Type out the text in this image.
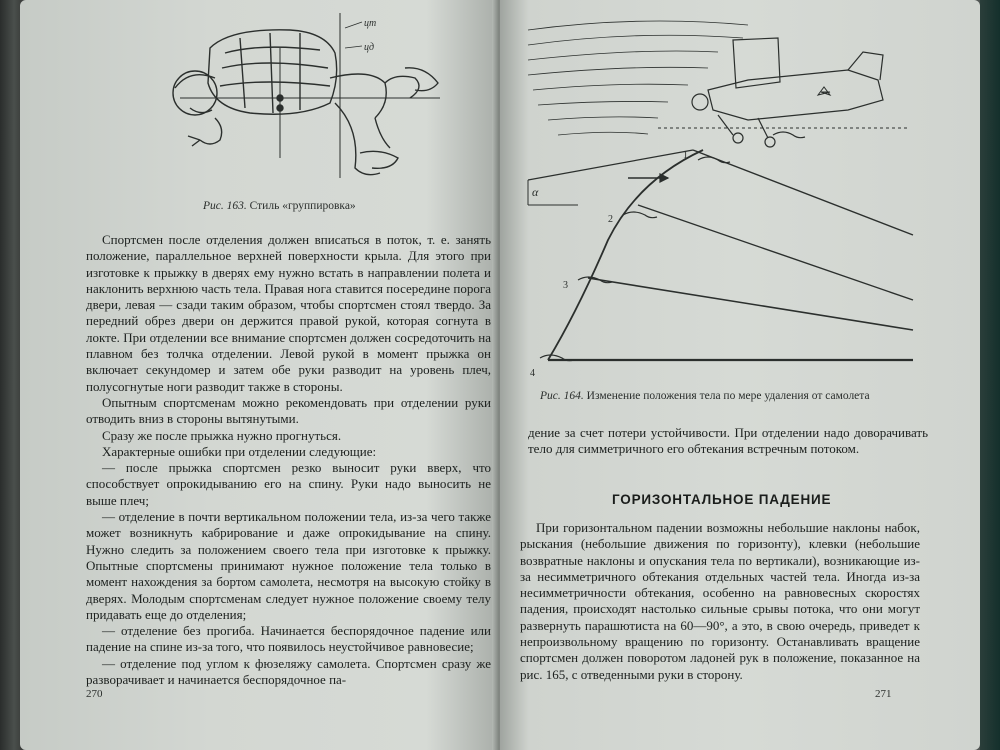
цт
цд
Рис. 163. Стиль «группировка»

Спортсмен после отделения должен вписаться в поток, т. е. занять положение, параллельное верхней поверхности крыла. Для этого при изготовке к прыжку в дверях ему нужно встать в направлении полета и наклонить верхнюю часть тела. Правая нога ставится посередине порога двери, левая — сзади таким образом, чтобы спортсмен стоял твердо. За передний обрез двери он держится правой рукой, которая согнута в локте. При отделении все внимание спортсмен должен сосредоточить на плавном без толчка отделении. Левой рукой в момент прыжка он включает секундомер и затем обе руки разводит на уровень плеч, полусогнутые ноги разводит также в стороны.

Опытным спортсменам можно рекомендовать при отделении руки отводить вниз в стороны вытянутыми.

Сразу же после прыжка нужно прогнуться.

Характерные ошибки при отделении следующие:

— после прыжка спортсмен резко выносит руки вверх, что способствует опрокидыванию его на спину. Руки надо выносить не выше плеч;

— отделение в почти вертикальном положении тела, из-за чего также может возникнуть кабрирование и даже опрокидывание на спину. Нужно следить за положением своего тела при изготовке к прыжку. Опытные спортсмены принимают нужное положение тела только в момент нахождения за бортом самолета, несмотря на высокую стойку в дверях. Молодым спортсменам следует нужное положение своему телу придавать еще до отделения;

— отделение без прогиба. Начинается беспорядочное падение или падение на спине из-за того, что появилось неустойчивое равновесие;

— отделение под углом к фюзеляжу самолета. Спортсмен сразу же разворачивает и начинается беспорядочное па-

270
α
1
2
3
4
Рис. 164. Изменение положения тела по мере удаления от самолета

дение за счет потери устойчивости. При отделении надо доворачивать тело для симметричного его обтекания встречным потоком.

При горизонтальном падении возможны небольшие наклоны набок, рыскания (небольшие движения по горизонту), клевки (небольшие возвратные наклоны и опускания тела по вертикали), возникающие из-за несимметричного обтекания отдельных частей тела. Иногда из-за несимметричности обтекания, особенно на равновесных скоростях падения, происходят настолько сильные срывы потока, что они могут развернуть парашютиста на 60—90°, а это, в свою очередь, приведет к непроизвольному вращению по горизонту. Останавливать вращение спортсмен должен поворотом ладоней рук в положение, показанное на рис. 165, с отведенными руки в сторону.

271
ГОРИЗОНТАЛЬНОЕ ПАДЕНИЕ
